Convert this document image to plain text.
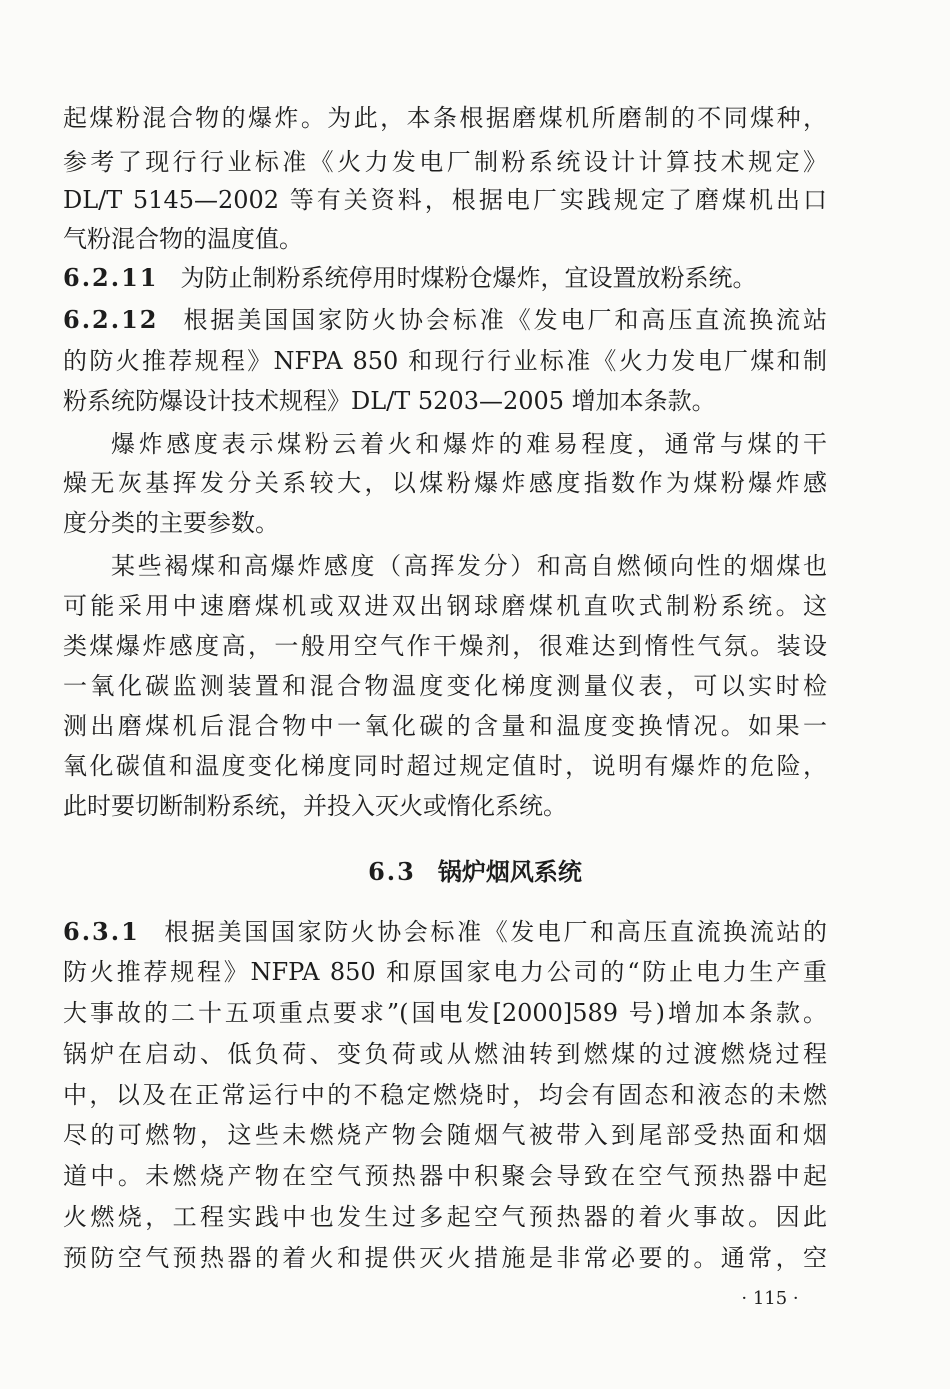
起煤粉混合物的爆炸。为此，本条根据磨煤机所磨制的不同煤种，
参考了现行行业标准《火力发电厂制粉系统设计计算技术规定》
DL/T 5145—2002 等有关资料，根据电厂实践规定了磨煤机出口
气粉混合物的温度值。
6.2.11 为防止制粉系统停用时煤粉仓爆炸，宜设置放粉系统。
6.2.12 根据美国国家防火协会标准《发电厂和高压直流换流站
的防火推荐规程》NFPA 850 和现行行业标准《火力发电厂煤和制
粉系统防爆设计技术规程》DL/T 5203—2005 增加本条款。
爆炸感度表示煤粉云着火和爆炸的难易程度，通常与煤的干
燥无灰基挥发分关系较大，以煤粉爆炸感度指数作为煤粉爆炸感
度分类的主要参数。
某些褐煤和高爆炸感度（高挥发分）和高自燃倾向性的烟煤也
可能采用中速磨煤机或双进双出钢球磨煤机直吹式制粉系统。这
类煤爆炸感度高，一般用空气作干燥剂，很难达到惰性气氛。装设
一氧化碳监测装置和混合物温度变化梯度测量仪表，可以实时检
测出磨煤机后混合物中一氧化碳的含量和温度变换情况。如果一
氧化碳值和温度变化梯度同时超过规定值时，说明有爆炸的危险，
此时要切断制粉系统，并投入灭火或惰化系统。
6.3 锅炉烟风系统
6.3.1 根据美国国家防火协会标准《发电厂和高压直流换流站的
防火推荐规程》NFPA 850 和原国家电力公司的“防止电力生产重
大事故的二十五项重点要求”(国电发[2000]589 号)增加本条款。
锅炉在启动、低负荷、变负荷或从燃油转到燃煤的过渡燃烧过程
中，以及在正常运行中的不稳定燃烧时，均会有固态和液态的未燃
尽的可燃物，这些未燃烧产物会随烟气被带入到尾部受热面和烟
道中。未燃烧产物在空气预热器中积聚会导致在空气预热器中起
火燃烧，工程实践中也发生过多起空气预热器的着火事故。因此
预防空气预热器的着火和提供灭火措施是非常必要的。通常，空
· 115 ·
